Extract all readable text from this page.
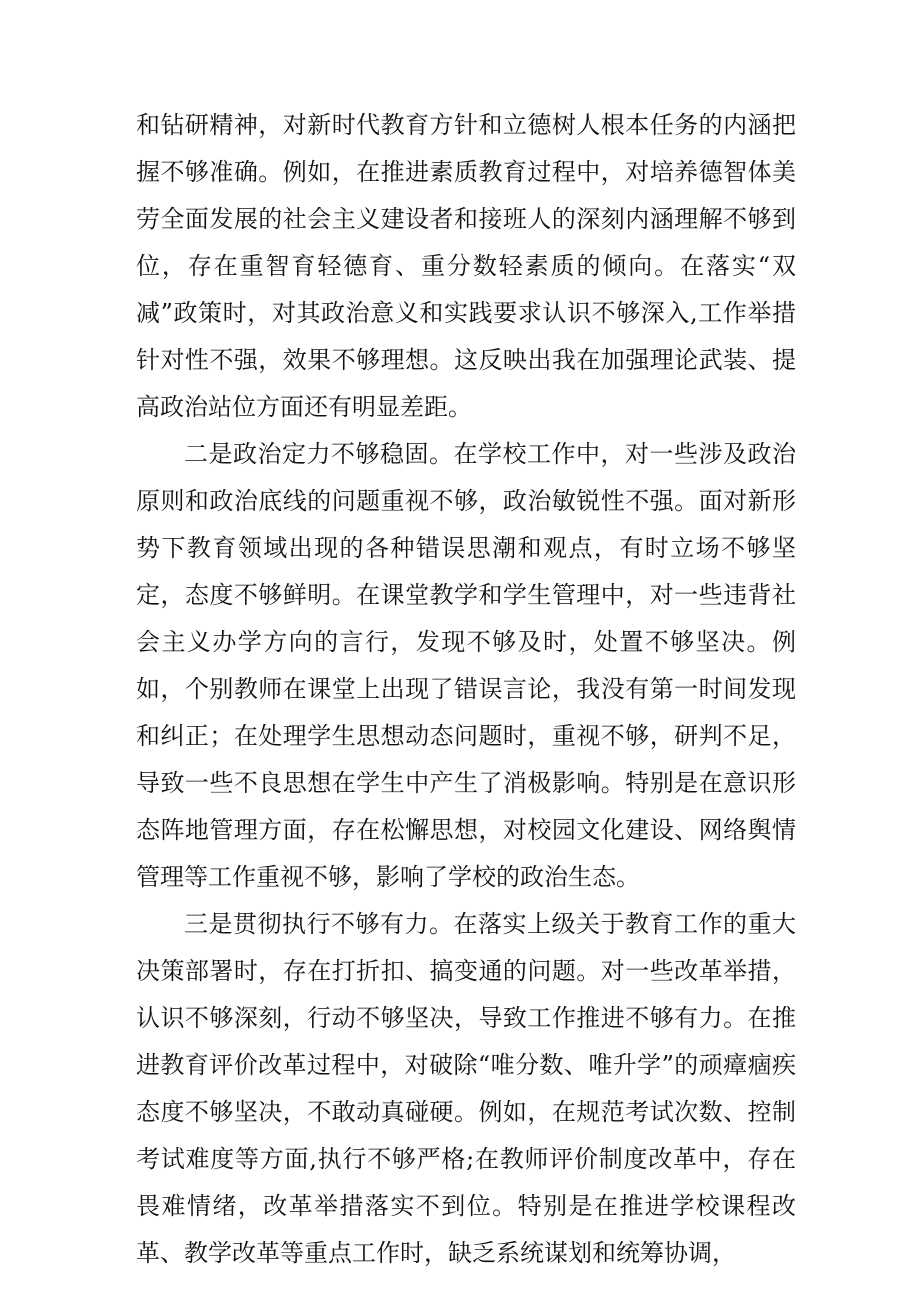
和钻研精神，对新时代教育方针和立德树人根本任务的内涵把握不够准确。例如，在推进素质教育过程中，对培养德智体美劳全面发展的社会主义建设者和接班人的深刻内涵理解不够到位，存在重智育轻德育、重分数轻素质的倾向。在落实“双减”政策时，对其政治意义和实践要求认识不够深入,工作举措针对性不强，效果不够理想。这反映出我在加强理论武装、提高政治站位方面还有明显差距。

二是政治定力不够稳固。在学校工作中，对一些涉及政治原则和政治底线的问题重视不够，政治敏锐性不强。面对新形势下教育领域出现的各种错误思潮和观点，有时立场不够坚定，态度不够鲜明。在课堂教学和学生管理中，对一些违背社会主义办学方向的言行，发现不够及时，处置不够坚决。例如，个别教师在课堂上出现了错误言论，我没有第一时间发现和纠正；在处理学生思想动态问题时，重视不够，研判不足，导致一些不良思想在学生中产生了消极影响。特别是在意识形态阵地管理方面，存在松懈思想，对校园文化建设、网络舆情管理等工作重视不够，影响了学校的政治生态。

三是贯彻执行不够有力。在落实上级关于教育工作的重大决策部署时，存在打折扣、搞变通的问题。对一些改革举措，认识不够深刻，行动不够坚决，导致工作推进不够有力。在推进教育评价改革过程中，对破除“唯分数、唯升学”的顽瘴痼疾态度不够坚决，不敢动真碰硬。例如，在规范考试次数、控制考试难度等方面,执行不够严格;在教师评价制度改革中，存在畏难情绪，改革举措落实不到位。特别是在推进学校课程改革、教学改革等重点工作时，缺乏系统谋划和统筹协调，
